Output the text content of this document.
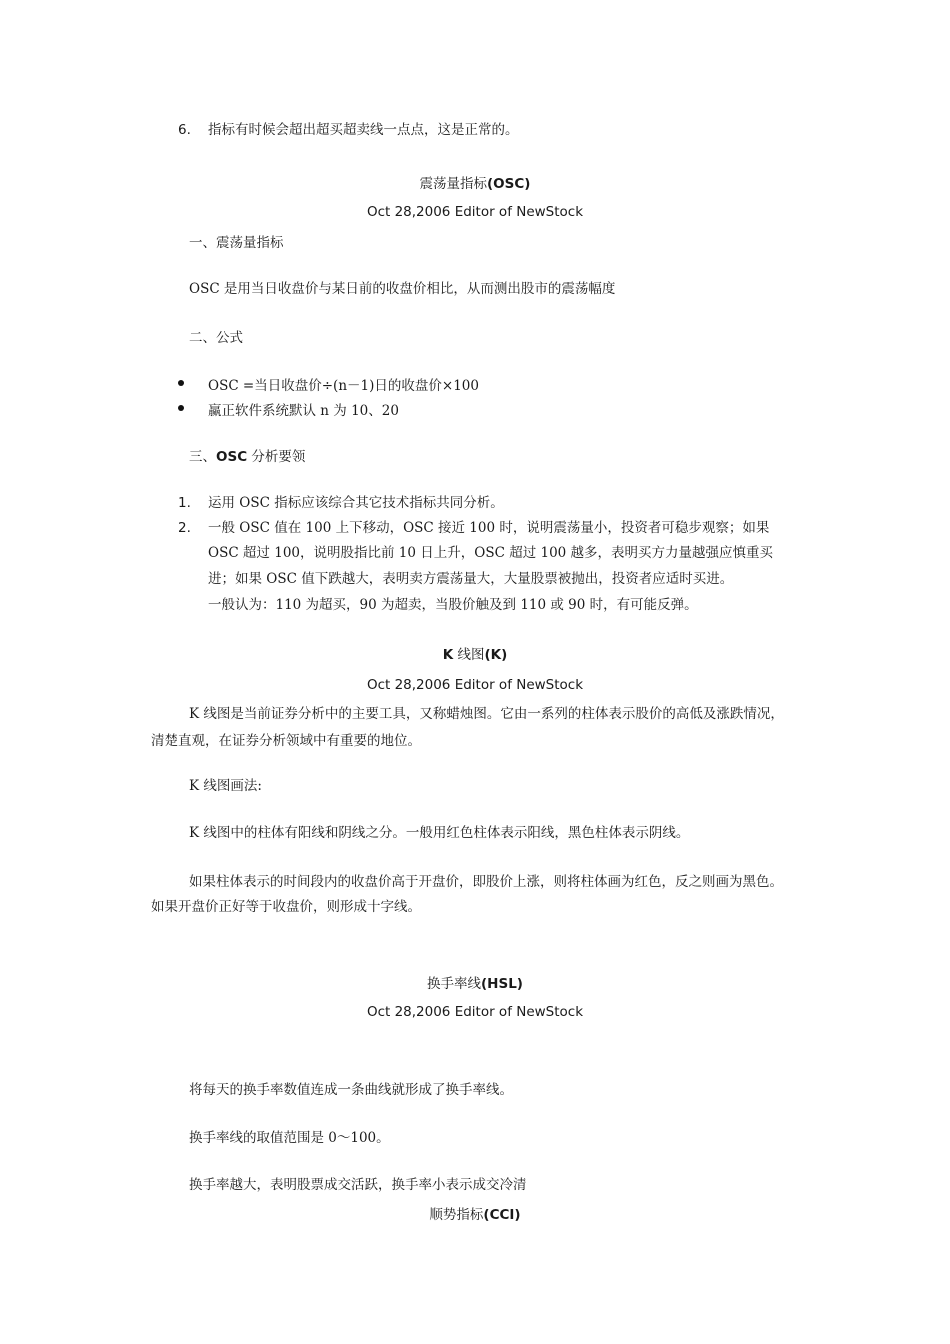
6. 指标有时候会超出超买超卖线一点点，这是正常的。
震荡量指标(OSC)
Oct 28,2006 Editor of NewStock
一、震荡量指标
OSC 是用当日收盘价与某日前的收盘价相比，从而测出股市的震荡幅度
二、公式
OSC =当日收盘价÷(n－1)日的收盘价×100
赢正软件系统默认 n 为 10、20
三、OSC 分析要领
1. 运用 OSC 指标应该综合其它技术指标共同分析。
2. 一般 OSC 值在 100 上下移动，OSC 接近 100 时，说明震荡量小，投资者可稳步观察；如果
OSC 超过 100，说明股指比前 10 日上升，OSC 超过 100 越多，表明买方力量越强应慎重买
进；如果 OSC 值下跌越大，表明卖方震荡量大，大量股票被抛出，投资者应适时买进。
一般认为：110 为超买，90 为超卖，当股价触及到 110 或 90 时，有可能反弹。
K 线图(K)
Oct 28,2006 Editor of NewStock
K 线图是当前证券分析中的主要工具，又称蜡烛图。它由一系列的柱体表示股价的高低及涨跌情况，
清楚直观，在证券分析领域中有重要的地位。
K 线图画法:
K 线图中的柱体有阳线和阴线之分。一般用红色柱体表示阳线，黑色柱体表示阴线。
如果柱体表示的时间段内的收盘价高于开盘价，即股价上涨，则将柱体画为红色，反之则画为黑色。
如果开盘价正好等于收盘价，则形成十字线。
换手率线(HSL)
Oct 28,2006 Editor of NewStock
将每天的换手率数值连成一条曲线就形成了换手率线。
换手率线的取值范围是 0～100。
换手率越大，表明股票成交活跃，换手率小表示成交冷清
顺势指标(CCI)
